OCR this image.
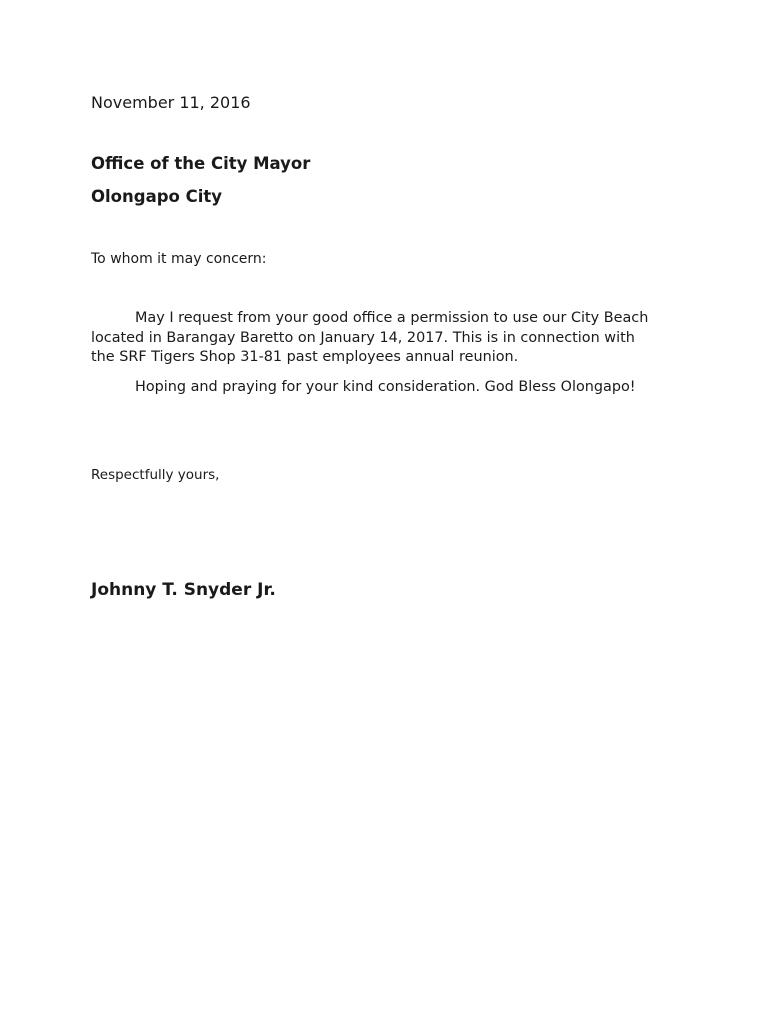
November 11, 2016
Office of the City Mayor
Olongapo City
To whom it may concern:
May I request from your good office a permission to use our City Beach
located in Barangay Baretto on January 14, 2017. This is in connection with
the SRF Tigers Shop 31-81 past employees annual reunion.
Hoping and praying for your kind consideration. God Bless Olongapo!
Respectfully yours,
Johnny T. Snyder Jr.
